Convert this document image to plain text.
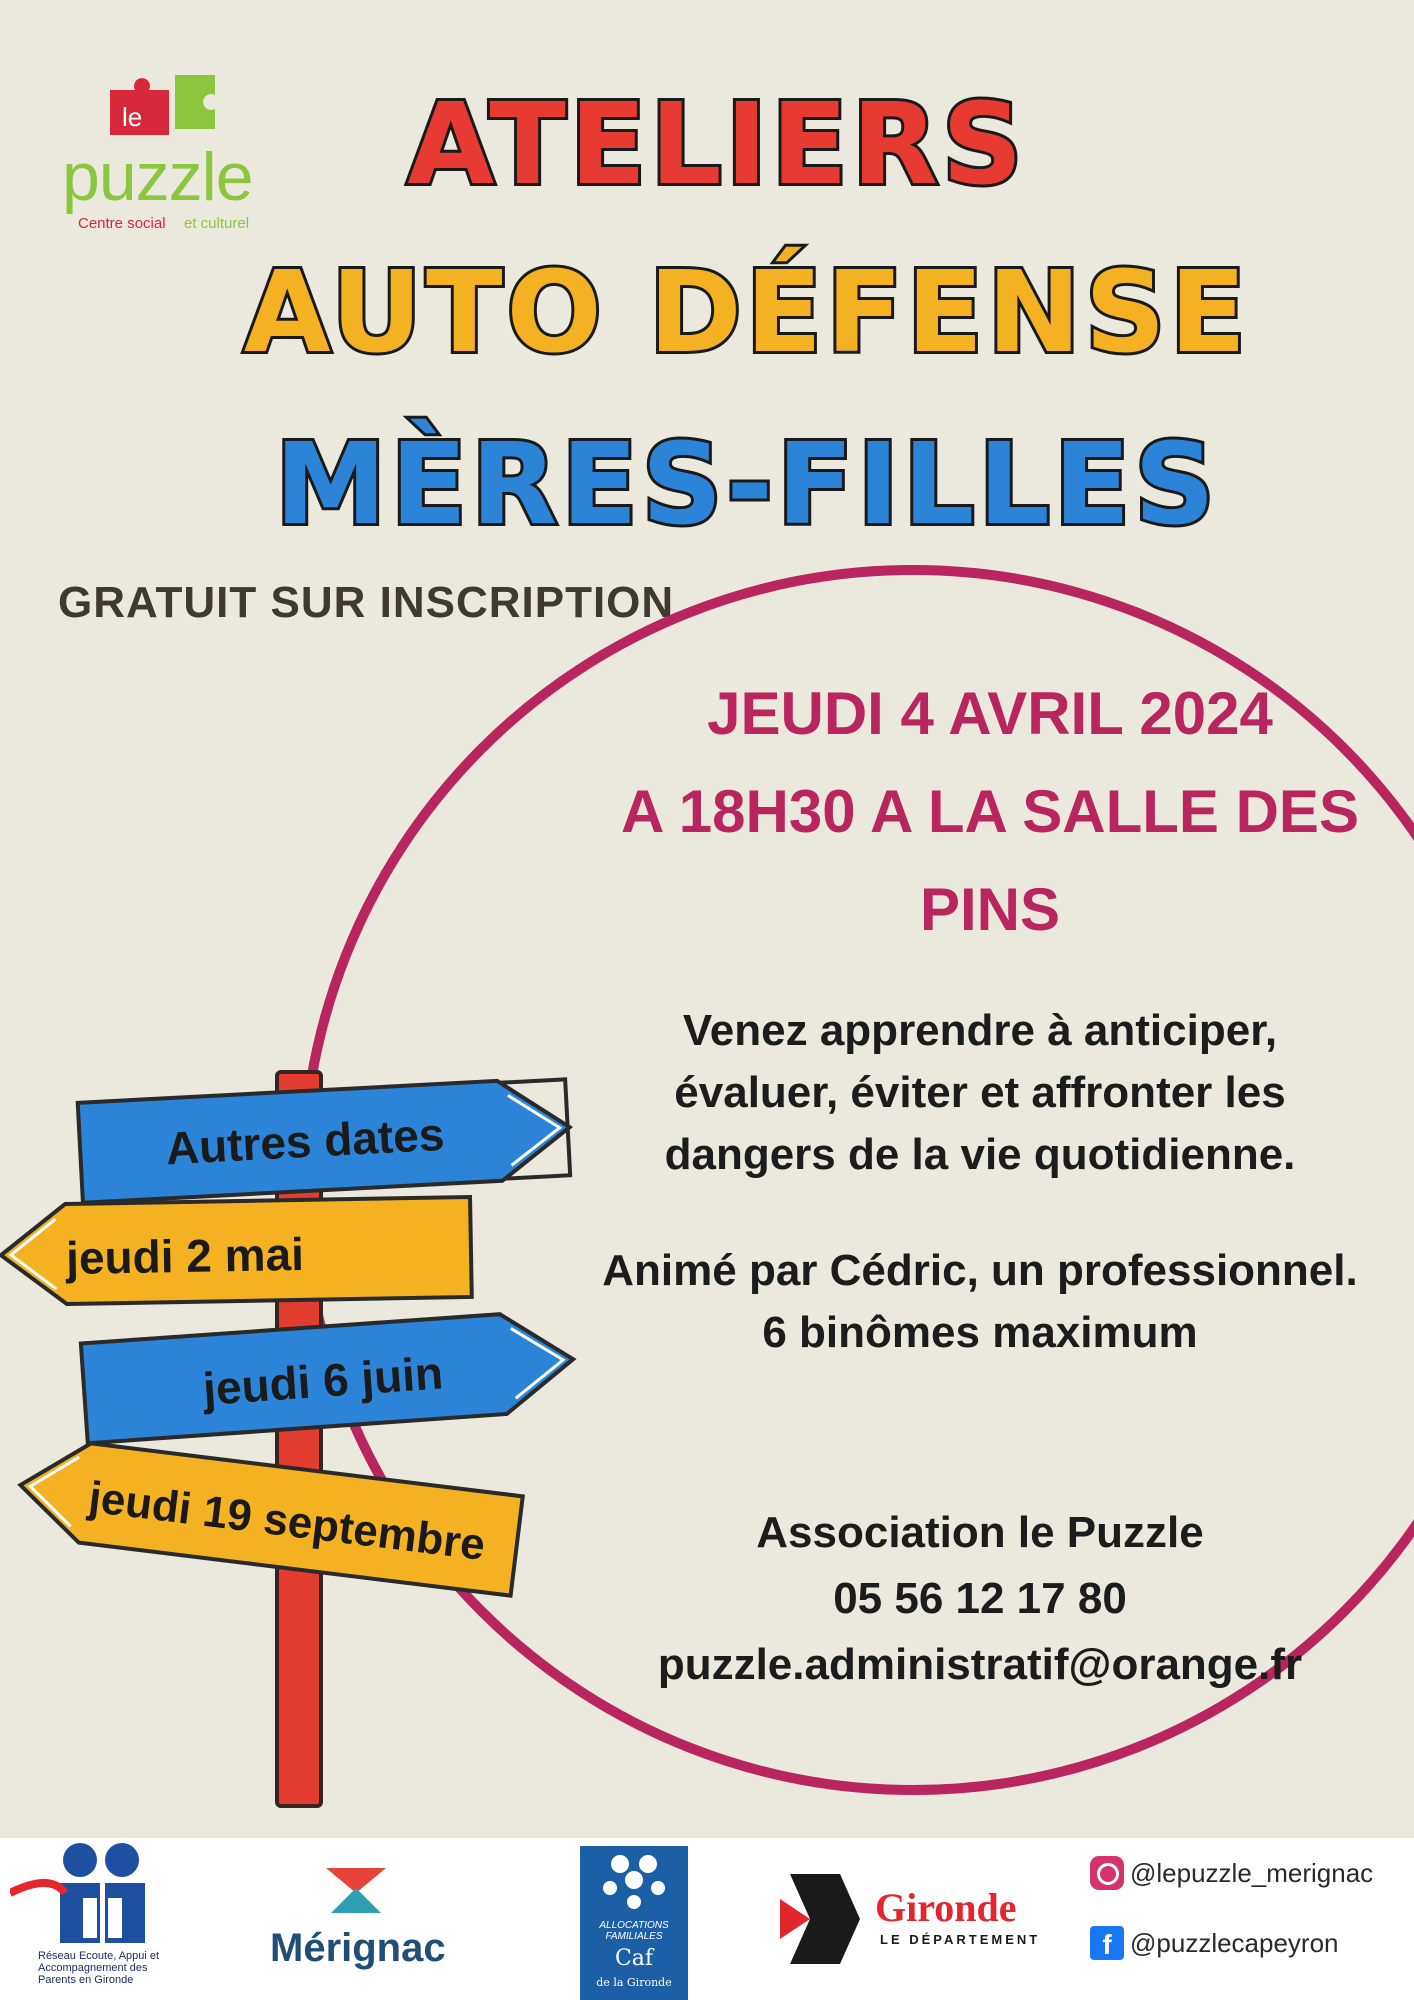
le
puzzle
Centre social et culturel
ATELIERS
AUTO DÉFENSE
MÈRES-FILLES
GRATUIT SUR INSCRIPTION
JEUDI 4 AVRIL 2024
A 18H30 A LA SALLE DES
PINS
Venez apprendre à anticiper,
évaluer, éviter et affronter les
dangers de la vie quotidienne.
Animé par Cédric, un professionnel.
6 binômes maximum
Association le Puzzle
05 56 12 17 80
puzzle.administratif@orange.fr
Autres dates
jeudi 2 mai
jeudi 6 juin
jeudi 19 septembre
Réseau Ecoute, Appui et Accompagnement des Parents en Gironde
Mérignac
ALLOCATIONS FAMILIALES
Caf
de la Gironde
Gironde
LE DÉPARTEMENT
@lepuzzle_merignac
f @puzzlecapeyron
